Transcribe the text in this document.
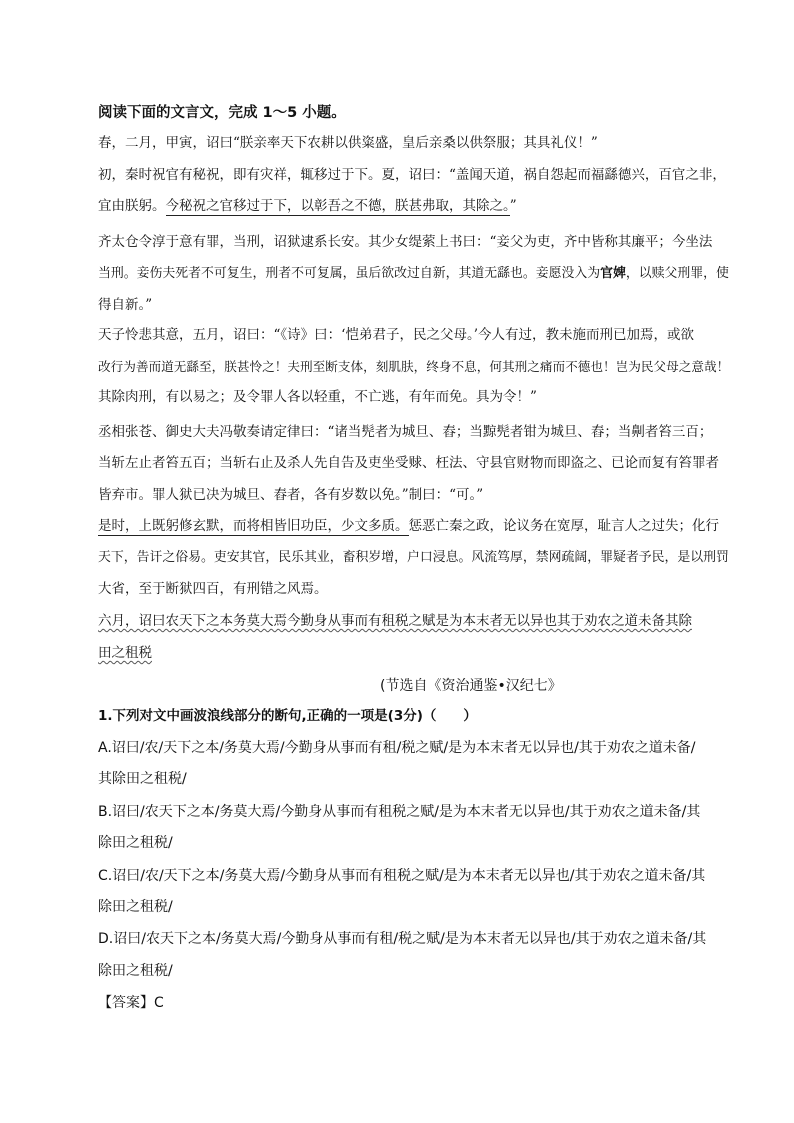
阅读下面的文言文，完成 1～5 小题。
春，二月，甲寅，诏曰“朕亲率天下农耕以供粢盛，皇后亲桑以供祭服；其具礼仪！”
初，秦时祝官有秘祝，即有灾祥，辄移过于下。夏，诏曰：“盖闻天道，祸自怨起而福繇德兴，百官之非，
宜由朕躬。今秘祝之官移过于下，以彰吾之不德，朕甚弗取，其除之。”
齐太仓令淳于意有罪，当刑，诏狱逮系长安。其少女缇萦上书曰：“妾父为吏，齐中皆称其廉平；今坐法
当刑。妾伤夫死者不可复生，刑者不可复属，虽后欲改过自新，其道无繇也。妾愿没入为官婢，以赎父刑罪，使
得自新。”
天子怜悲其意，五月，诏曰：“《诗》曰：‘恺弟君子，民之父母。’今人有过，教未施而刑已加焉，或欲
改行为善而道无繇至，朕甚怜之！夫刑至断支体，刻肌肤，终身不息，何其刑之痛而不德也！岂为民父母之意哉！
其除肉刑，有以易之；及令罪人各以轻重，不亡逃，有年而免。具为令！”
丞相张苍、御史大夫冯敬奏请定律曰：“诸当髡者为城旦、舂；当黥髡者钳为城旦、舂；当劓者笞三百；
当斩左止者笞五百；当斩右止及杀人先自告及吏坐受赇、枉法、守县官财物而即盗之、已论而复有笞罪者
皆弃市。罪人狱已决为城旦、舂者，各有岁数以免。”制曰：“可。”
是时，上既躬修玄默，而将相皆旧功臣，少文多质。惩恶亡秦之政，论议务在宽厚，耻言人之过失；化行
天下，告讦之俗易。吏安其官，民乐其业，畜积岁增，户口浸息。风流笃厚，禁网疏阔，罪疑者予民，是以刑罚
大省，至于断狱四百，有刑错之风焉。
六月，诏曰农天下之本务莫大焉今勤身从事而有租税之赋是为本末者无以异也其于劝农之道未备其除
田之租税
(节选自《资治通鉴•汉纪七》
1.下列对文中画波浪线部分的断句,正确的一项是(3分)（　　）
A.诏曰/农/天下之本/务莫大焉/今勤身从事而有租/税之赋/是为本末者无以异也/其于劝农之道未备/
其除田之租税/
B.诏曰/农天下之本/务莫大焉/今勤身从事而有租税之赋/是为本末者无以异也/其于劝农之道未备/其
除田之租税/
C.诏曰/农/天下之本/务莫大焉/今勤身从事而有租税之赋/是为本末者无以异也/其于劝农之道未备/其
除田之租税/
D.诏曰/农天下之本/务莫大焉/今勤身从事而有租/税之赋/是为本末者无以异也/其于劝农之道未备/其
除田之租税/
【答案】C
